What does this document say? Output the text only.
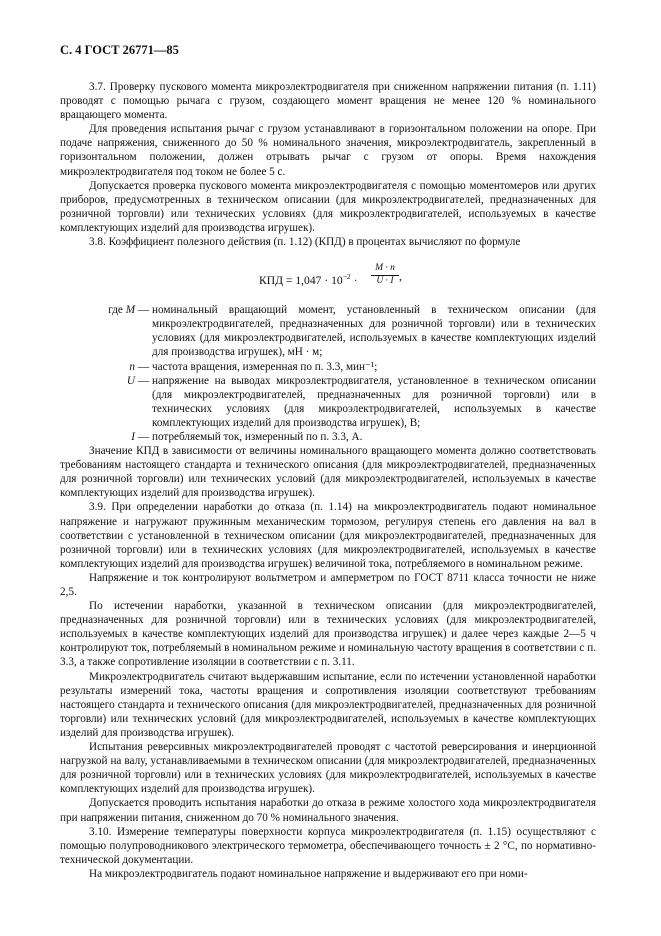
С. 4 ГОСТ 26771—85

3.7. Проверку пускового момента микроэлектродвигателя при сниженном напряжении питания (п. 1.11) проводят с помощью рычага с грузом, создающего момент вращения не менее 120 % номинального вращающего момента.

Для проведения испытания рычаг с грузом устанавливают в горизонтальном положении на опоре. При подаче напряжения, сниженного до 50 % номинального значения, микроэлектродвигатель, закрепленный в горизонтальном положении, должен отрывать рычаг с грузом от опоры. Время нахождения микроэлектродвигателя под током не более 5 с.

Допускается проверка пускового момента микроэлектродвигателя с помощью моментомеров или других приборов, предусмотренных в техническом описании (для микроэлектродвигателей, предназначенных для розничной торговли) или технических условиях (для микроэлектродвигателей, используемых в качестве комплектующих изделий для производства игрушек).

3.8. Коэффициент полезного действия (п. 1.12) (КПД) в процентах вычисляют по формуле

КПД = $1,047 \cdot 10^{-2} \cdot \frac{M \cdot n}{U \cdot I}$ ,
где M —	номинальный вращающий момент, установленный в техническом описании (для микроэлектродвигателей, предназначенных для розничной торговли) или в технических условиях (для микроэлектродвигателей, используемых в качестве комплектующих изделий для производства игрушек), мН · м;
n —	частота вращения, измеренная по п. 3.3, мин⁻¹;
U —	напряжение на выводах микроэлектродвигателя, установленное в техническом описании (для микроэлектродвигателей, предназначенных для розничной торговли) или в технических условиях (для микроэлектродвигателей, используемых в качестве комплектующих изделий для производства игрушек), В;
I —	потребляемый ток, измеренный по п. 3.3, А.

Значение КПД в зависимости от величины номинального вращающего момента должно соответствовать требованиям настоящего стандарта и технического описания (для микроэлектродвигателей, предназначенных для розничной торговли) или технических условий (для микроэлектродвигателей, используемых в качестве комплектующих изделий для производства игрушек).

3.9. При определении наработки до отказа (п. 1.14) на микроэлектродвигатель подают номинальное напряжение и нагружают пружинным механическим тормозом, регулируя степень его давления на вал в соответствии с установленной в техническом описании (для микроэлектродвигателей, предназначенных для розничной торговли) или в технических условиях (для микроэлектродвигателей, используемых в качестве комплектующих изделий для производства игрушек) величиной тока, потребляемого в номинальном режиме.

Напряжение и ток контролируют вольтметром и амперметром по ГОСТ 8711 класса точности не ниже 2,5.

По истечении наработки, указанной в техническом описании (для микроэлектродвигателей, предназначенных для розничной торговли) или в технических условиях (для микроэлектродвигателей, используемых в качестве комплектующих изделий для производства игрушек) и далее через каждые 2—5 ч контролируют ток, потребляемый в номинальном режиме и номинальную частоту вращения в соответствии с п. 3.3, а также сопротивление изоляции в соответствии с п. 3.11.

Микроэлектродвигатель считают выдержавшим испытание, если по истечении установленной наработки результаты измерений тока, частоты вращения и сопротивления изоляции соответствуют требованиям настоящего стандарта и технического описания (для микроэлектродвигателей, предназначенных для розничной торговли) или технических условий (для микроэлектродвигателей, используемых в качестве комплектующих изделий для производства игрушек).

Испытания реверсивных микроэлектродвигателей проводят с частотой реверсирования и инерционной нагрузкой на валу, устанавливаемыми в техническом описании (для микроэлектродвигателей, предназначенных для розничной торговли) или в технических условиях (для микроэлектродвигателей, используемых в качестве комплектующих изделий для производства игрушек).

Допускается проводить испытания наработки до отказа в режиме холостого хода микроэлектродвигателя при напряжении питания, сниженном до 70 % номинального значения.

3.10. Измерение температуры поверхности корпуса микроэлектродвигателя (п. 1.15) осуществляют с помощью полупроводникового электрического термометра, обеспечивающего точность ± 2 °С, по нормативно-технической документации.

На микроэлектродвигатель подают номинальное напряжение и выдерживают его при номи-
